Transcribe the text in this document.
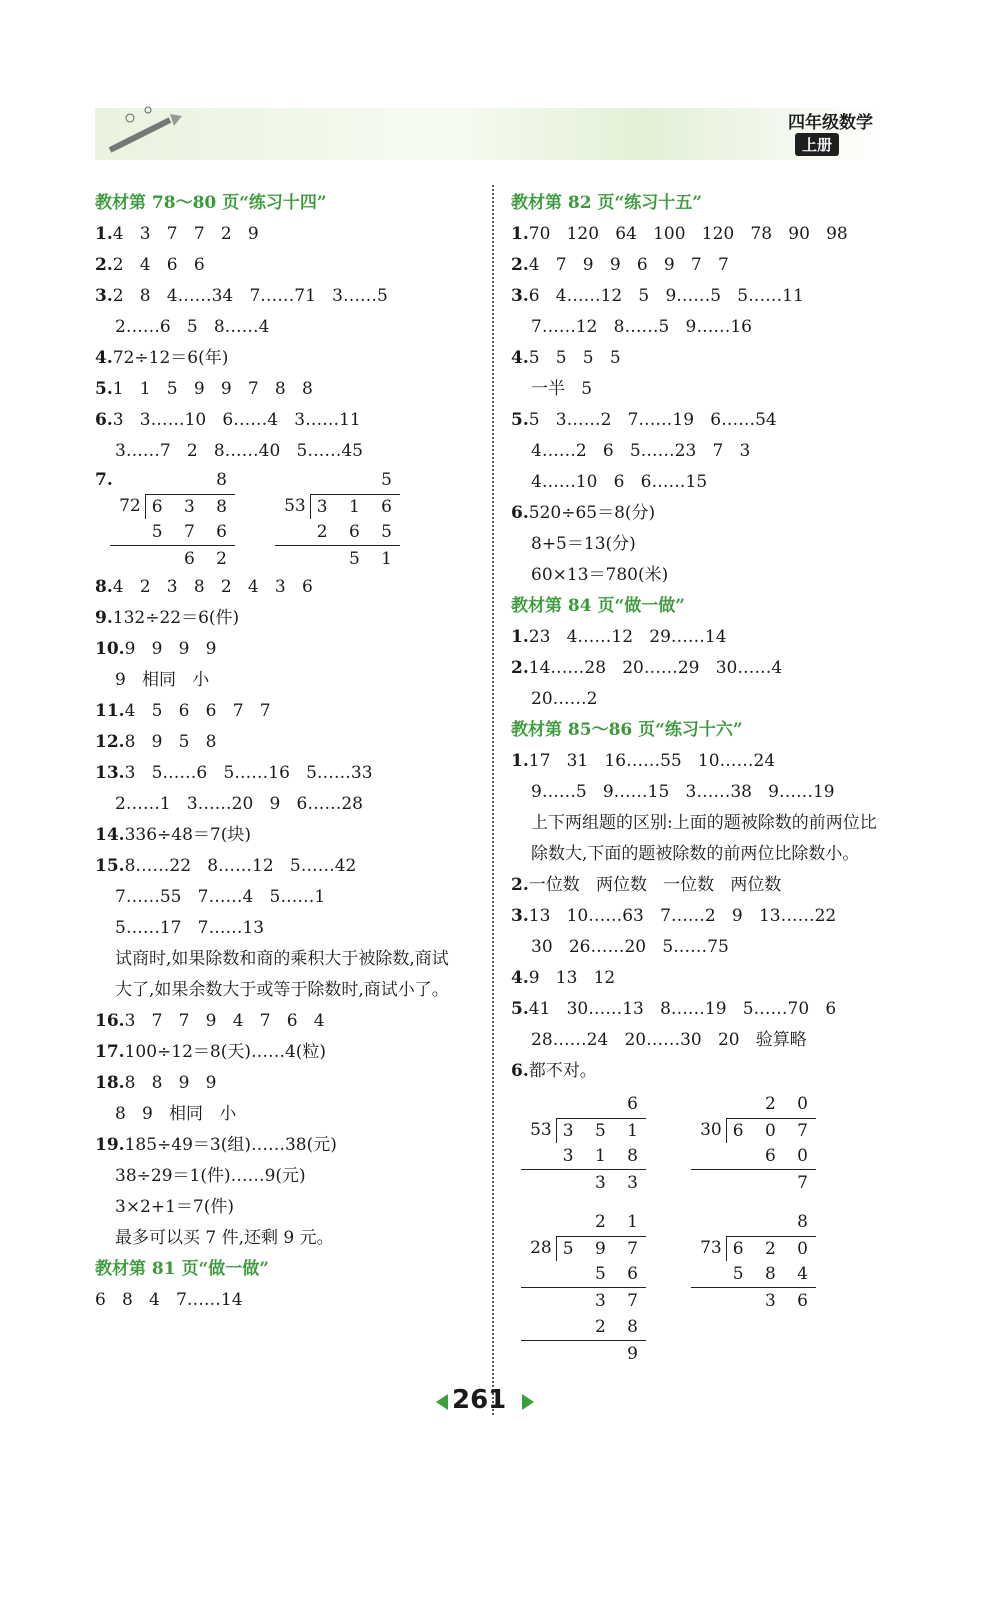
四年级数学
上册
教材第 78～80 页“练习十四”
1.4   3   7   7   2   9
2.2   4   6   6
3.2   8   4……34   7……71   3……5
2……6   5   8……4
4.72÷12＝6(年)
5.1   1   5   9   9   7   8   8
6.3   3……10   6……4   3……11
3……7   2   8……40   5……45
7.	8
72 6 3 8
5 7 6
6 2
5
53 3 1 6
2 6 5
5 1
8.4   2   3   8   2   4   3   6
9.132÷22＝6(件)
10.9   9   9   9
9   相同   小
11.4   5   6   6   7   7
12.8   9   5   8
13.3   5……6   5……16   5……33
2……1   3……20   9   6……28
14.336÷48＝7(块)
15.8……22   8……12   5……42
7……55   7……4   5……1
5……17   7……13
试商时,如果除数和商的乘积大于被除数,商试大了,如果余数大于或等于除数时,商试小了。
16.3   7   7   9   4   7   6   4
17.100÷12＝8(天)……4(粒)
18.8   8   9   9
8   9   相同   小
19.185÷49＝3(组)……38(元)
38÷29＝1(件)……9(元)
3×2+1＝7(件)
最多可以买 7 件,还剩 9 元。
教材第 81 页“做一做”
6   8   4   7……14
教材第 82 页“练习十五”
1.70   120   64   100   120   78   90   98
2.4   7   9   9   6   9   7   7
3.6   4……12   5   9……5   5……11
7……12   8……5   9……16
4.5   5   5   5
一半   5
5.5   3……2   7……19   6……54
4……2   6   5……23   7   3
4……10   6   6……15
6.520÷65＝8(分)
8+5＝13(分)
60×13＝780(米)
教材第 84 页“做一做”
1.23   4……12   29……14
2.14……28   20……29   30……4
20……2
教材第 85～86 页“练习十六”
1.17   31   16……55   10……24
9……5   9……15   3……38   9……19
上下两组题的区别:上面的题被除数的前两位比除数大,下面的题被除数的前两位比除数小。
2.一位数   两位数   一位数   两位数
3.13   10……63   7……2   9   13……22
30   26……20   5……75
4.9   13   12
5.41   30……13   8……19   5……70   6
28……24   20……30   20   验算略
6.都不对。
6
53 3 5 1
3 1 8
3 3
2 0
30 6 0 7
6 0
7
2 1
28 5 9 7
5 6
3 7
2 8
9
8
73 6 2 0
5 8 4
3 6
261
